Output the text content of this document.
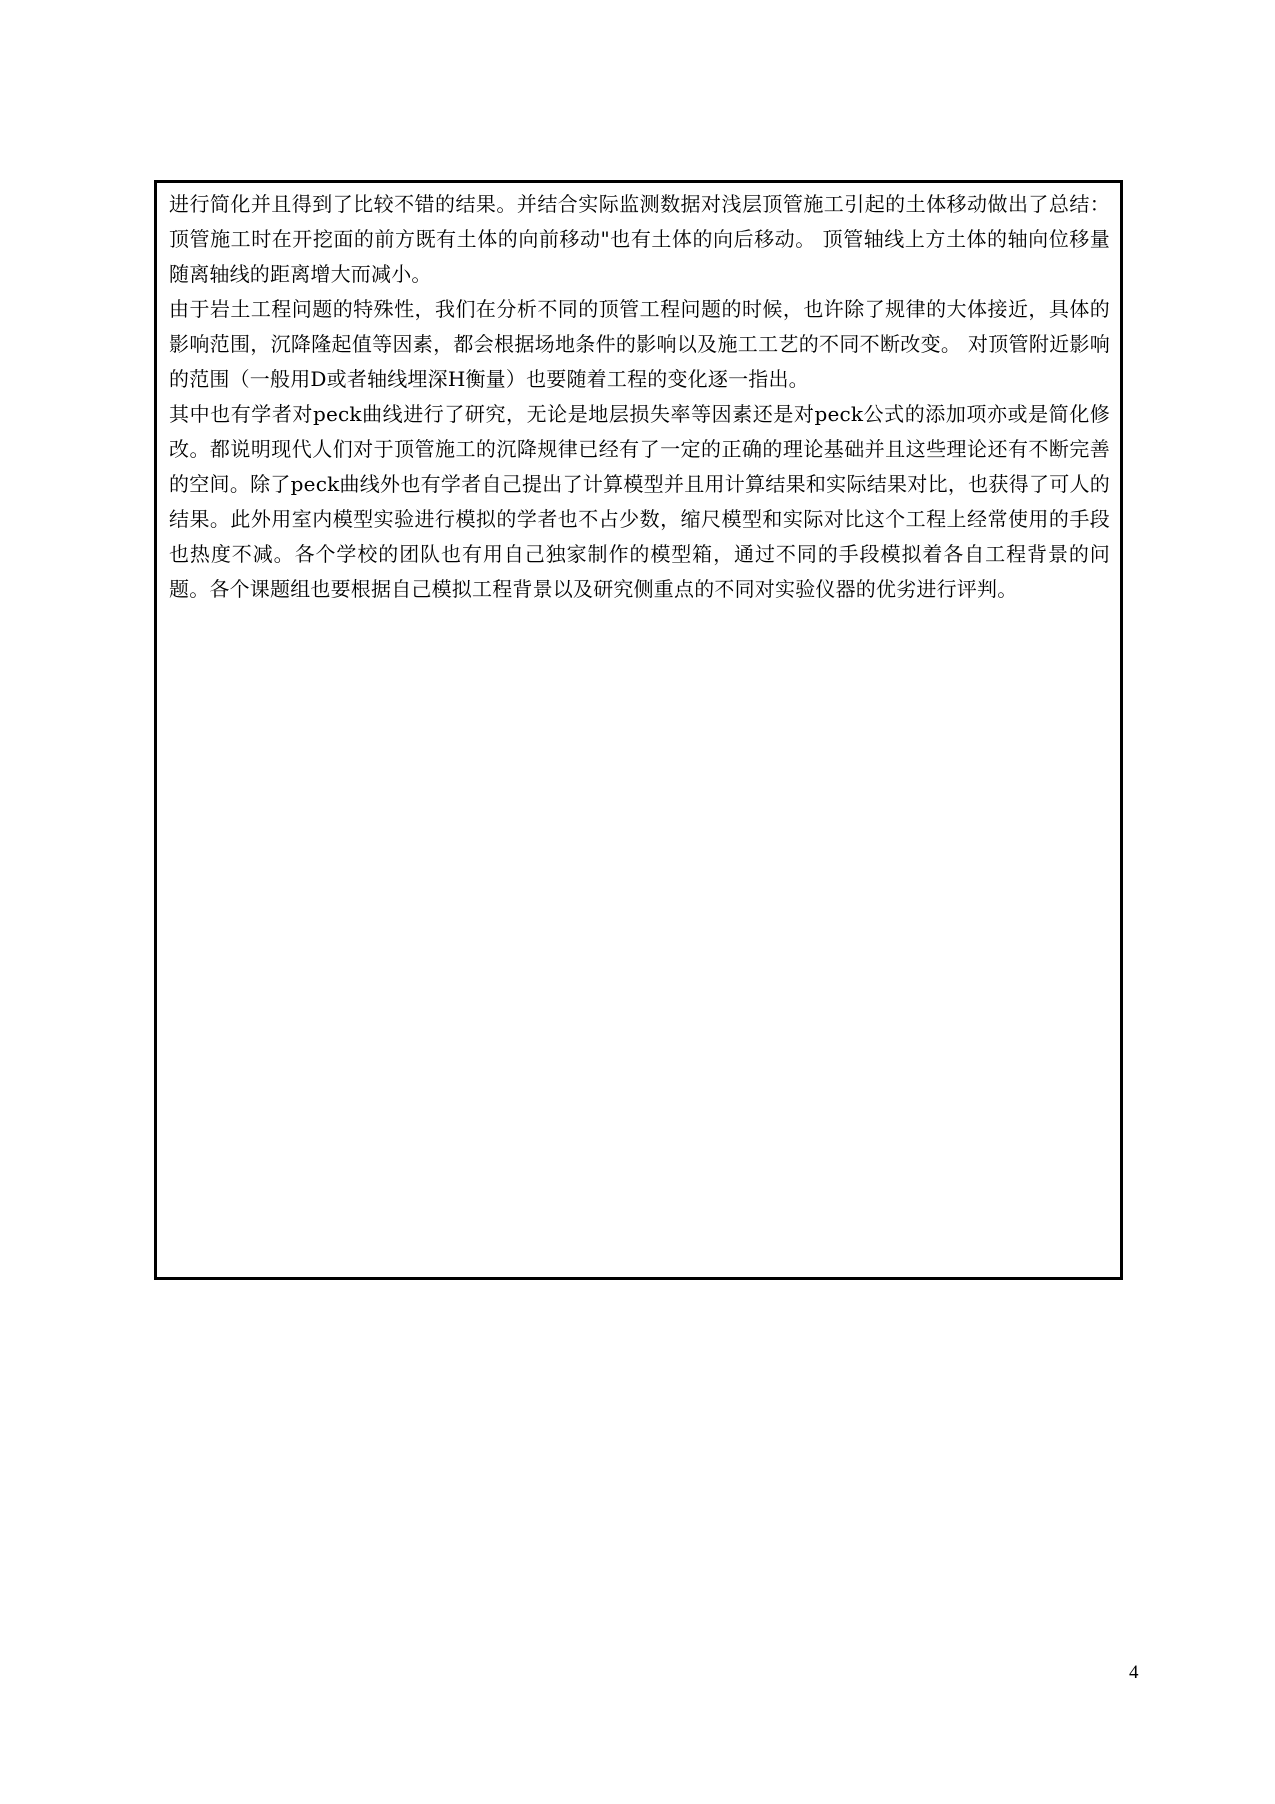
进行简化并且得到了比较不错的结果。并结合实际监测数据对浅层顶管施工引起的土体移动做出了总结： 顶管施工时在开挖面的前方既有土体的向前移动"也有土体的向后移动。 顶管轴线上方土体的轴向位移量随离轴线的距离增大而减小。

由于岩土工程问题的特殊性，我们在分析不同的顶管工程问题的时候，也许除了规律的大体接近，具体的影响范围，沉降隆起值等因素，都会根据场地条件的影响以及施工工艺的不同不断改变。 对顶管附近影响的范围（一般用D或者轴线埋深H衡量）也要随着工程的变化逐一指出。

其中也有学者对peck曲线进行了研究，无论是地层损失率等因素还是对peck公式的添加项亦或是简化修改。都说明现代人们对于顶管施工的沉降规律已经有了一定的正确的理论基础并且这些理论还有不断完善的空间。除了peck曲线外也有学者自己提出了计算模型并且用计算结果和实际结果对比，也获得了可人的结果。此外用室内模型实验进行模拟的学者也不占少数，缩尺模型和实际对比这个工程上经常使用的手段也热度不减。各个学校的团队也有用自己独家制作的模型箱，通过不同的手段模拟着各自工程背景的问题。各个课题组也要根据自己模拟工程背景以及研究侧重点的不同对实验仪器的优劣进行评判。

4
